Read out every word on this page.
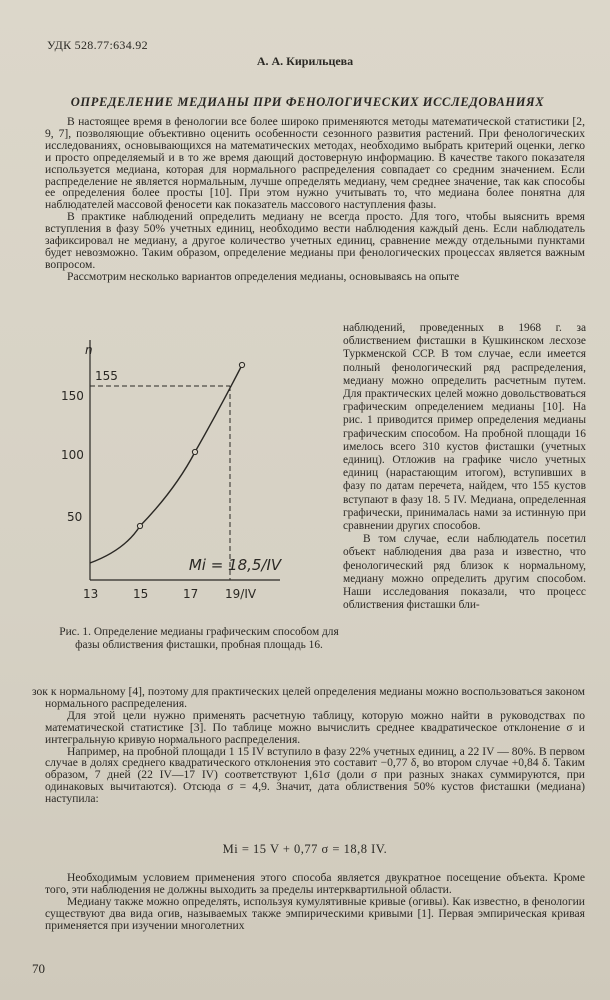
УДК 528.77:634.92
А. А. Кирильцева
ОПРЕДЕЛЕНИЕ МЕДИАНЫ ПРИ ФЕНОЛОГИЧЕСКИХ ИССЛЕДОВАНИЯХ

В настоящее время в фенологии все более широко применяются методы математической статистики [2, 9, 7], позволяющие объективно оценить особенности сезонного развития растений. При фенологических исследованиях, основывающихся на математических методах, необходимо выбрать критерий оценки, легко и просто определяемый и в то же время дающий достоверную информацию. В качестве такого показателя используется медиана, которая для нормального распределения совпадает со средним значением. Если распределение не является нормальным, лучше определять медиану, чем среднее значение, так как способы ее определения более просты [10]. При этом нужно учитывать то, что медиана более понятна для наблюдателей массовой феносети как показатель массового наступления фазы.

В практике наблюдений определить медиану не всегда просто. Для того, чтобы выяснить время вступления в фазу 50% учетных единиц, необходимо вести наблюдения каждый день. Если наблюдатель зафиксировал не медиану, а другое количество учетных единиц, сравнение между отдельными пунктами будет невозможно. Таким образом, определение медианы при фенологических процессах является важным вопросом.

Рассмотрим несколько вариантов определения медианы, основываясь на опыте

n
155
150
100
50
13	15	17 19/IV
Mi = 18,5/IV

наблюдений, проведенных в 1968 г. за облиствением фисташки в Кушкинском лесхозе Туркменской ССР. В том случае, если имеется полный фенологический ряд распределения, медиану можно определить расчетным путем. Для практических целей можно довольствоваться графическим определением медианы [10]. На рис. 1 приводится пример определения медианы графическим способом. На пробной площади 16 имелось всего 310 кустов фисташки (учетных единиц). Отложив на графике число учетных единиц (нарастающим итогом), вступивших в фазу по датам перечета, найдем, что 155 кустов вступают в фазу 18. 5 IV. Медиана, определенная графически, принималась нами за истинную при сравнении других способов.

В том случае, если наблюдатель посетил объект наблюдения два раза и известно, что фенологический ряд близок к нормальному, медиану можно определить другим способом. Наши исследования показали, что процесс облиствения фисташки бли-

Рис. 1. Определение медианы графическим способом для фазы облиствения фисташки, пробная площадь 16.

зок к нормальному [4], поэтому для практических целей определения медианы можно воспользоваться законом нормального распределения.

Для этой цели нужно применять расчетную таблицу, которую можно найти в руководствах по математической статистике [3]. По таблице можно вычислить среднее квадратическое отклонение σ и интегральную кривую нормального распределения.

Например, на пробной площади 1 15 IV вступило в фазу 22% учетных единиц, а 22 IV — 80%. В первом случае в долях среднего квадратического отклонения это составит −0,77 δ, во втором случае +0,84 δ. Таким образом, 7 дней (22 IV—17 IV) соответствуют 1,61σ (доли σ при разных знаках суммируются, при одинаковых вычитаются). Отсюда σ = 4,9. Значит, дата облиствения 50% кустов фисташки (медиана) наступила:

Mi = 15 V + 0,77 σ = 18,8 IV.

Необходимым условием применения этого способа является двукратное посещение объекта. Кроме того, эти наблюдения не должны выходить за пределы интерквартильной области.

Медиану также можно определять, используя кумулятивные кривые (огивы). Как известно, в фенологии существуют два вида огив, называемых также эмпирическими кривыми [1]. Первая эмпирическая кривая применяется при изучении многолетних

70
